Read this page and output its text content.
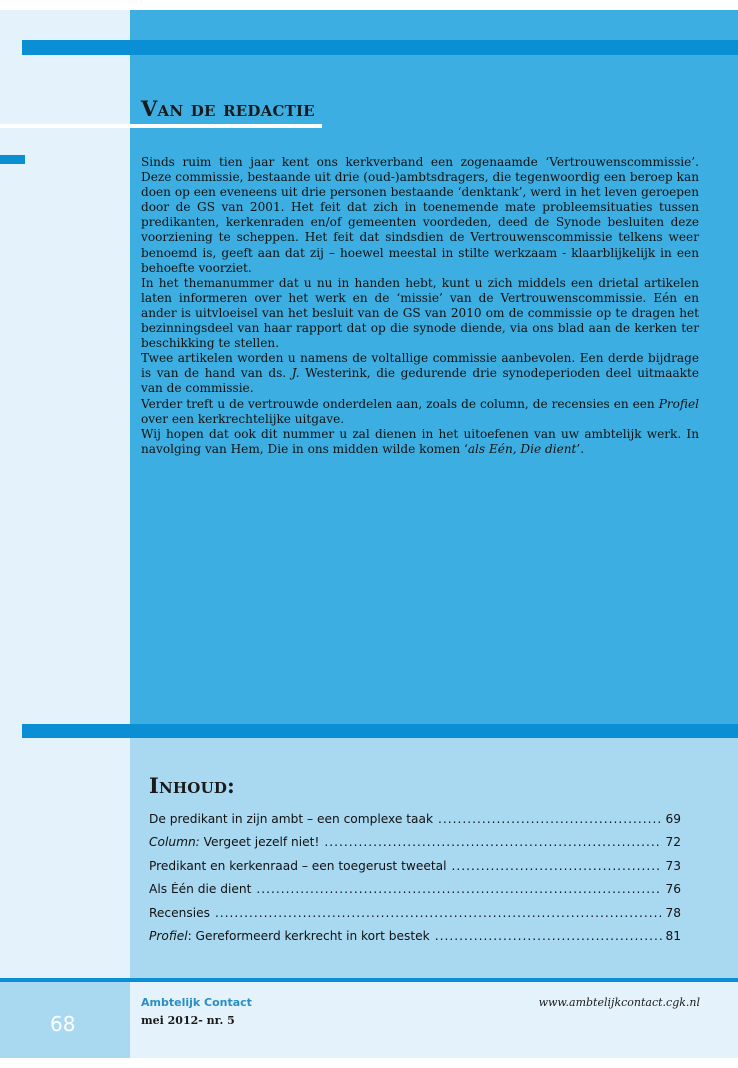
Van de redactie

Sinds ruim tien jaar kent ons kerkverband een zogenaamde ‘Vertrouwenscommissie’. Deze commissie, bestaande uit drie (oud-)ambtsdragers, die tegenwoordig een beroep kan doen op een eveneens uit drie personen bestaande ‘denktank’, werd in het leven geroepen door de GS van 2001. Het feit dat zich in toenemende mate probleemsituaties tussen predikanten, kerkenraden en/of gemeenten voordeden, deed de Synode besluiten deze voorziening te scheppen. Het feit dat sindsdien de Vertrouwenscommissie telkens weer benoemd is, geeft aan dat zij – hoewel meestal in stilte werkzaam - klaarblijkelijk in een behoefte voorziet.

In het themanummer dat u nu in handen hebt, kunt u zich middels een drietal artikelen laten informeren over het werk en de ‘missie’ van de Vertrouwenscommissie. Eén en ander is uitvloeisel van het besluit van de GS van 2010 om de commissie op te dragen het bezinningsdeel van haar rapport dat op die synode diende, via ons blad aan de kerken ter beschikking te stellen.

Twee artikelen worden u namens de voltallige commissie aanbevolen. Een derde bijdrage is van de hand van ds. J. Westerink, die gedurende drie synodeperioden deel uitmaakte van de commissie.

Verder treft u de vertrouwde onderdelen aan, zoals de column, de recensies en een Profiel over een kerkrechtelijke uitgave.

Wij hopen dat ook dit nummer u zal dienen in het uitoefenen van uw ambtelijk werk. In navolging van Hem, Die in ons midden wilde komen ‘als Eén, Die dient’.

Inhoud:
De predikant in zijn ambt – een complexe taak .....	69
Column: Vergeet jezelf niet! .....	72
Predikant en kerkenraad – een toegerust tweetal .....	73
Als Één die dient .....	76
Recensies .....	78
Profiel: Gereformeerd kerkrecht in kort bestek .....	81
68
Ambtelijk Contact
mei 2012- nr. 5
www.ambtelijkcontact.cgk.nl
